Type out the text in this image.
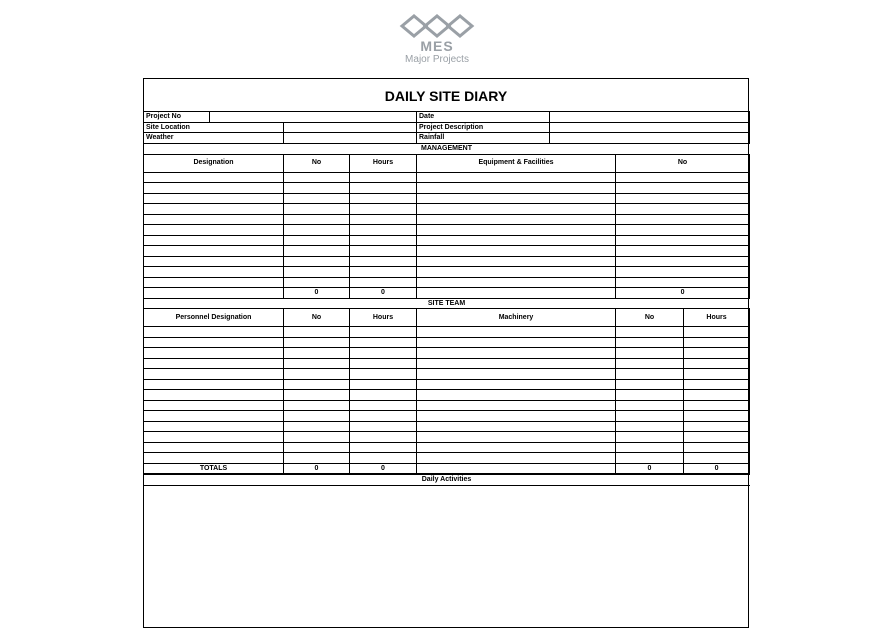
MES
Major Projects
DAILY SITE DIARY
Project No			Date	
Site Location			Project Description	
Weather			Rainfall	
MANAGEMENT				
Designation	No	Hours	Equipment & Facilities	No

	0	0		0

SITE TEAM					
Personnel Designation	No	Hours	Machinery	No	Hours

TOTALS	0	0		0	0
Daily Activities					
